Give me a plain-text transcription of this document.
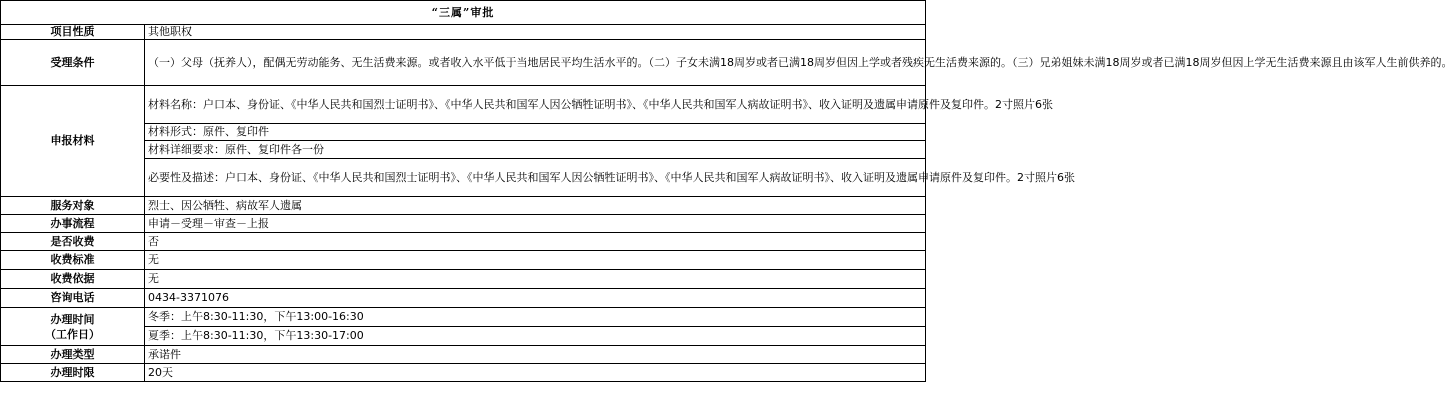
“三属”审批	
项目性质	其他职权
受理条件	（一）父母（抚养人），配偶无劳动能务、无生活费来源。或者收入水平低于当地居民平均生活水平的。（二）子女未满18周岁或者已满18周岁但因上学或者残疾无生活费来源的。（三）兄弟姐妹未满18周岁或者已满18周岁但因上学无生活费来源且由该军人生前供养的。
申报材料	材料名称：户口本、身份证、《中华人民共和国烈士证明书》、《中华人民共和国军人因公牺牲证明书》、《中华人民共和国军人病故证明书》、收入证明及遗属申请原件及复印件。2寸照片6张
	材料形式：原件、复印件
	材料详细要求：原件、复印件各一份
	必要性及描述：户口本、身份证、《中华人民共和国烈士证明书》、《中华人民共和国军人因公牺牲证明书》、《中华人民共和国军人病故证明书》、收入证明及遗属申请原件及复印件。2寸照片6张
服务对象	烈士、因公牺牲、病故军人遗属
办事流程	申请－受理－审查－上报
是否收费	否
收费标准	无
收费依据	无
咨询电话	0434-3371076

办理时间
（工作日）	冬季：上午8:30-11:30，下午13:00-16:30
	夏季：上午8:30-11:30，下午13:30-17:00
办理类型	承诺件
办理时限	20天
